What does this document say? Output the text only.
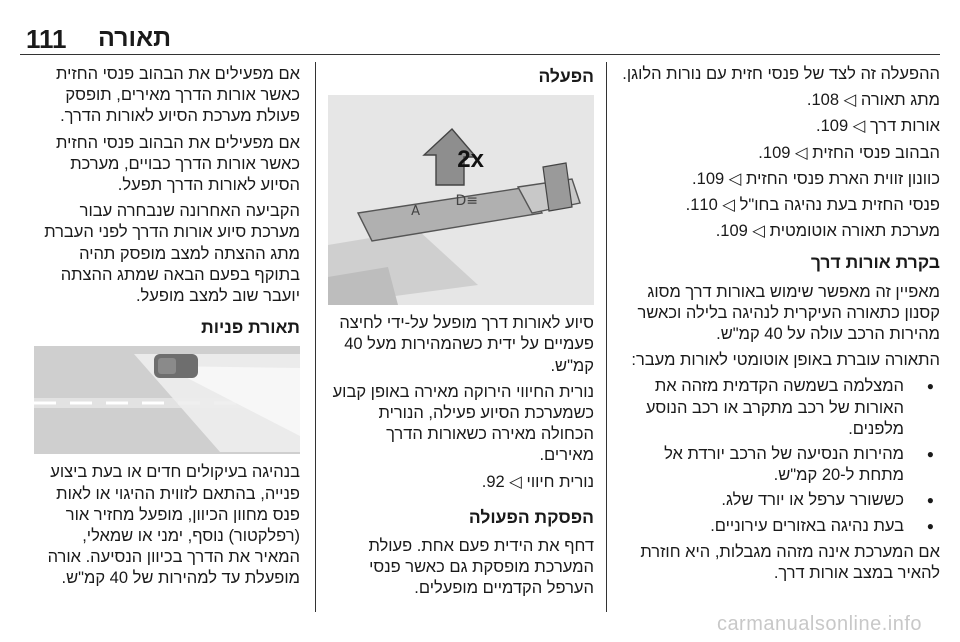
111 תאורה

ההפעלה זה לצד של פנסי חזית עם נורות הלוגן.

מתג תאורה ◁ 108.

אורות דרך ◁ 109.

הבהוב פנסי החזית ◁ 109.

כוונון זווית הארת פנסי החזית ◁ 109.

פנסי החזית בעת נהיגה בחו"ל ◁ 110.

מערכת תאורה אוטומטית ◁ 109.

בקרת אורות דרך

מאפיין זה מאפשר שימוש באורות דרך מסוג קסנון כתאורה העיקרית לנהיגה בלילה וכאשר מהירות הרכב עולה על 40 קמ"ש.

התאורה עוברת באופן אוטומטי לאורות מעבר:

● המצלמה בשמשה הקדמית מזהה את האורות של רכב מתקרב או רכב הנוסע מלפנים.
● מהירות הנסיעה של הרכב יורדת אל מתחת ל-20 קמ"ש.
● כששורר ערפל או יורד שלג.
● בעת נהיגה באזורים עירוניים.

אם המערכת אינה מזהה מגבלות, היא חוזרת להאיר במצב אורות דרך.

הפעלה
≡D
A
2x

סיוע לאורות דרך מופעל על-ידי לחיצה פעמיים על ידית כשהמהירות מעל 40 קמ"ש.

נורית החיווי הירוקה מאירה באופן קבוע כשמערכת הסיוע פעילה, הנורית הכחולה מאירה כשאורות הדרך מאירים.

נורית חיווי ◁ 92.

הפסקת הפעולה

דחף את הידית פעם אחת. פעולת המערכת מופסקת גם כאשר פנסי הערפל הקדמיים מופעלים.

אם מפעילים את הבהוב פנסי החזית כאשר אורות הדרך מאירים, תופסק פעולת מערכת הסיוע לאורות הדרך.

אם מפעילים את הבהוב פנסי החזית כאשר אורות הדרך כבויים, מערכת הסיוע לאורות הדרך תפעל.

הקביעה האחרונה שנבחרה עבור מערכת סיוע אורות הדרך לפני העברת מתג ההצתה למצב מופסק תהיה בתוקף בפעם הבאה שמתג ההצתה יועבר שוב למצב מופעל.

תאורת פניות

בנהיגה בעיקולים חדים או בעת ביצוע פנייה, בהתאם לזווית ההיגוי או לאות פנס מחוון הכיוון, מופעל מחזיר אור (רפלקטור) נוסף, ימני או שמאלי, המאיר את הדרך בכיוון הנסיעה. אורה מופעלת עד למהירות של 40 קמ"ש.

carmanualsonline.info
